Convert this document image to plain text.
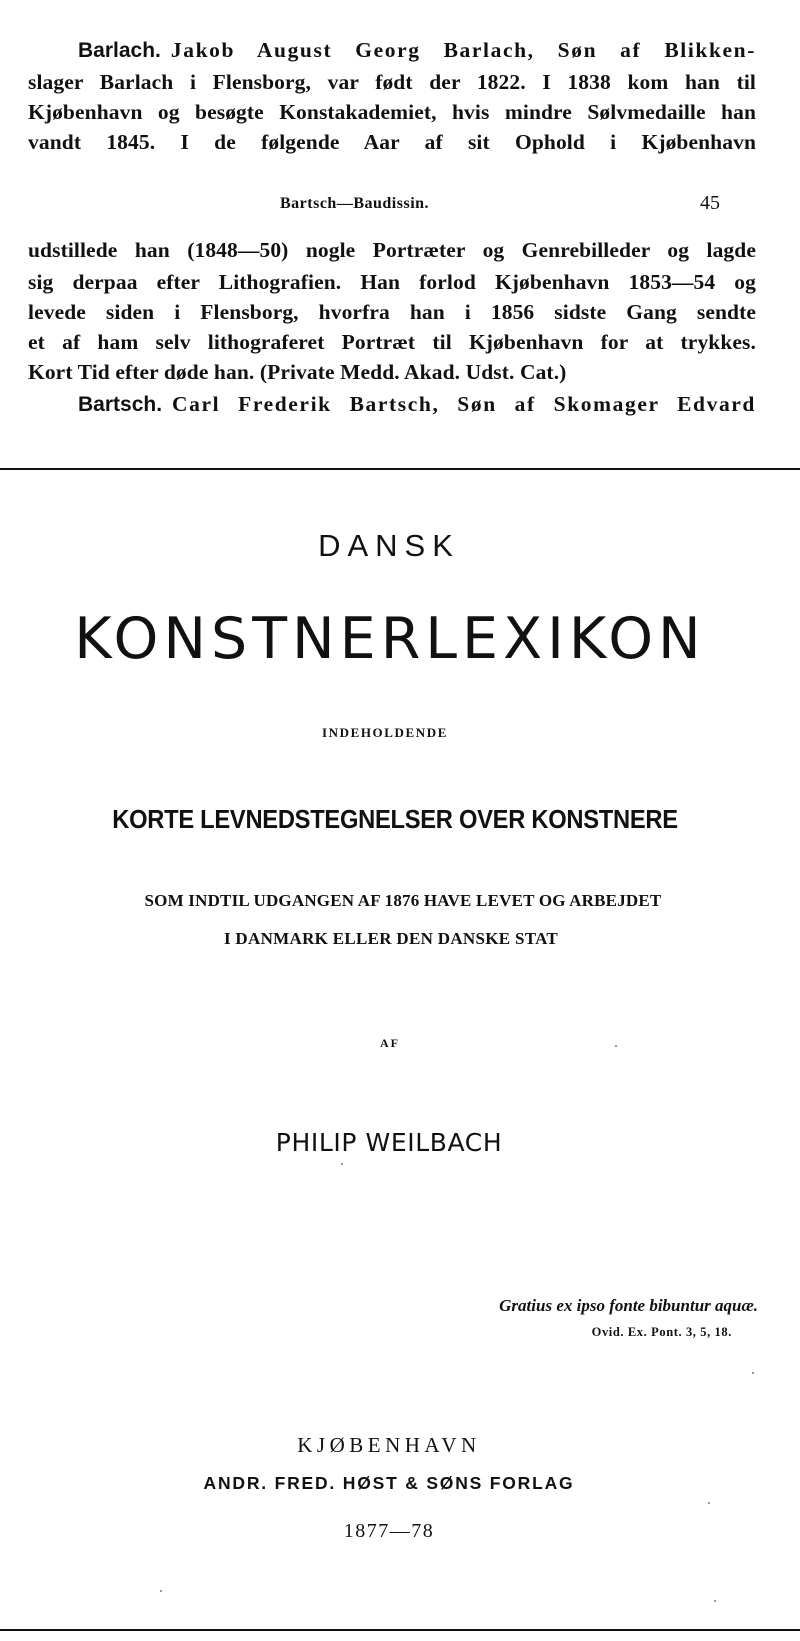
Barlach. Jakob August Georg Barlach, Søn af Blikken-
slager Barlach i Flensborg, var født der 1822. I 1838 kom han til
Kjøbenhavn og besøgte Konstakademiet, hvis mindre Sølvmedaille han
vandt 1845. I de følgende Aar af sit Ophold i Kjøbenhavn
Bartsch—Baudissin.	45
udstillede han (1848—50) nogle Portræter og Genrebilleder og lagde
sig derpaa efter Lithografien. Han forlod Kjøbenhavn 1853—54 og
levede siden i Flensborg, hvorfra han i 1856 sidste Gang sendte
et af ham selv lithograferet Portræt til Kjøbenhavn for at trykkes.
Kort Tid efter døde han. (Private Medd. Akad. Udst. Cat.)
Bartsch. Carl Frederik Bartsch, Søn af Skomager Edvard
DANSK
KONSTNERLEXIKON
INDEHOLDENDE
KORTE LEVNEDSTEGNELSER OVER KONSTNERE
SOM INDTIL UDGANGEN AF 1876 HAVE LEVET OG ARBEJDET
I DANMARK ELLER DEN DANSKE STAT
AF
PHILIP WEILBACH
Gratius ex ipso fonte bibuntur aquæ.
Ovid. Ex. Pont. 3, 5, 18.
KJØBENHAVN
ANDR. FRED. HØST & SØNS FORLAG
1877—78
